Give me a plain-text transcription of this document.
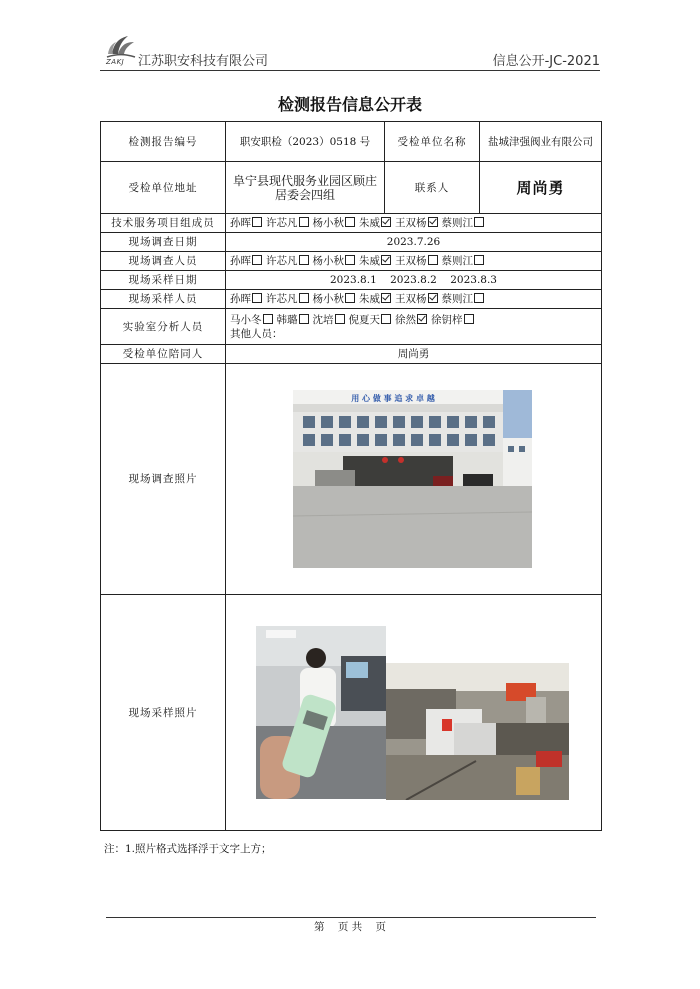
ZAKJ 江苏职安科技有限公司	信息公开-JC-2021
检测报告信息公开表
检测报告编号	职安职检（2023）0518 号	受检单位名称	盐城津强阀业有限公司
受检单位地址	阜宁县现代服务业园区顾庄居委会四组	联系人	周尚勇
技术服务项目组成员	孙晖 许芯凡 杨小秋 朱威 王双杨 蔡则江		
现场调查日期	2023.7.26		
现场调查人员	孙晖 许芯凡 杨小秋 朱威 王双杨 蔡则江		
现场采样日期	2023.8.1    2023.8.2    2023.8.3		
现场采样人员	孙晖 许芯凡 杨小秋 朱威 王双杨 蔡则江		
实验室分析人员	马小冬 韩璐 沈培 倪夏天 徐然 徐钥梓
其他人员：		

受检单位陪同人	周尚勇		
现场调查照片	用 心 做 事 追 求 卓 越		

现场采样照片	
注：1.照片格式选择浮于文字上方；
第    页 共    页
